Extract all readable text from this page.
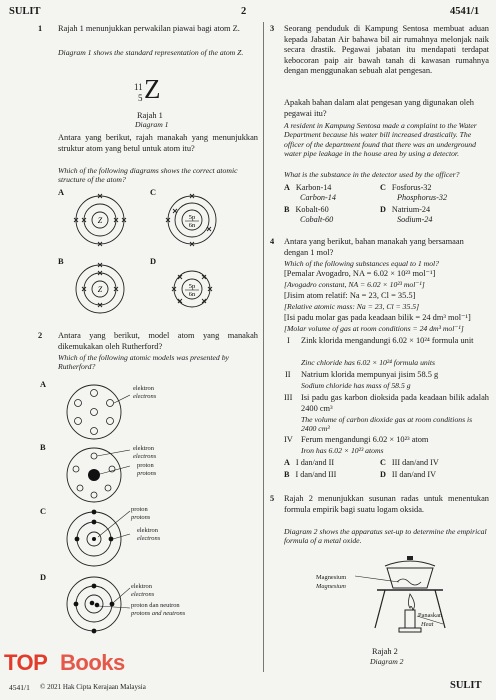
SULIT	2	4541/1
1 Rajah 1 menunjukkan perwakilan piawai bagi atom Z.
Diagram 1 shows the standard representation of the atom Z.
11
5 Z
Rajah 1
Diagram 1
Antara yang berikut, rajah manakah yang menunjukkan struktur atom yang betul untuk atom itu?
Which of the following diagrams shows the correct atomic structure of the atom?
A	C
B	D
Z	5p
6n
Z	5p
6n
2 Antara yang berikut, model atom yang manakah dikemukakan oleh Rutherford?
Which of the following atomic models was presented by Rutherford?
A
B
C
D
elektron
electrons
elektron
electrons
proton
protons
proton
protons
elektron
electrons
elektron
electrons
proton dan neutron
protons and neutrons
3 Seorang penduduk di Kampung Sentosa membuat aduan kepada Jabatan Air bahawa bil air rumahnya melonjak naik secara drastik. Pegawai jabatan itu mendapati terdapat kebocoran paip air bawah tanah di kawasan rumahnya dengan menggunakan sebuah alat pengesan.
Apakah bahan dalam alat pengesan yang digunakan oleh pegawai itu?
A resident in Kampung Sentosa made a complaint to the Water Department because his water bill increased drastically. The officer of the department found that there was an underground water pipe leakage in the house area by using a detector.
What is the substance in the detector used by the officer?
A Karbon-14
Carbon-14
C Fosforus-32
Phosphorus-32
B Kobalt-60
Cobalt-60
D Natrium-24
Sodium-24
4 Antara yang berikut, bahan manakah yang bersamaan dengan 1 mol?
Which of the following substances equal to 1 mol?
[Pemalar Avogadro, NA = 6.02 × 10²³ mol⁻¹]
[Avogadro constant, NA = 6.02 × 10²³ mol⁻¹]
[Jisim atom relatif: Na = 23, Cl = 35.5]
[Relative atomic mass: Na = 23, Cl = 35.5]
[Isi padu molar gas pada keadaan bilik = 24 dm³ mol⁻¹]
[Molar volume of gas at room conditions = 24 dm³ mol⁻¹]
I Zink klorida mengandungi 6.02 × 10²⁴ formula unit
Zinc chloride has 6.02 × 10²⁴ formula units
II Natrium klorida mempunyai jisim 58.5 g
Sodium chloride has mass of 58.5 g
III Isi padu gas karbon dioksida pada keadaan bilik adalah 2400 cm³
The volume of carbon dioxide gas at room conditions is 2400 cm³
IV Ferum mengandungi 6.02 × 10²³ atom
Iron has 6.02 × 10²³ atoms
A I dan/and II	C III dan/and IV
B I dan/and III	D II dan/and IV
5 Rajah 2 menunjukkan susunan radas untuk menentukan formula empirik bagi suatu logam oksida.
Diagram 2 shows the apparatus set-up to determine the empirical formula of a metal oxide.
Magnesium
Magnesium
Panaskan
Heat
Rajah 2
Diagram 2
4541/1 © 2021 Hak Cipta Kerajaan Malaysia	SULIT
TOP Books
